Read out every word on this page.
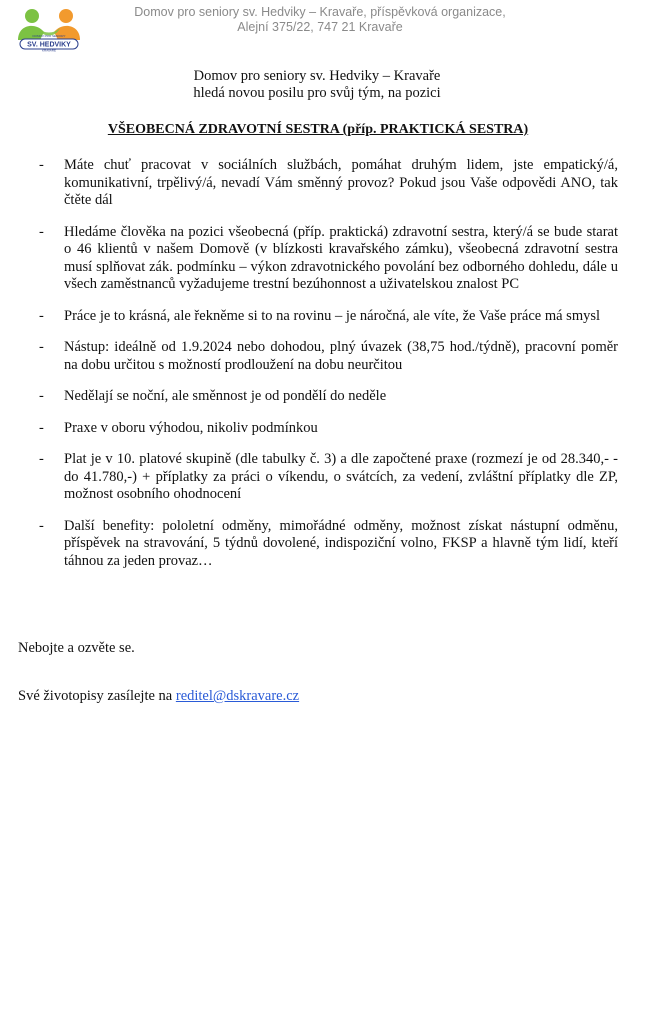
DOMOV PRO SENIORY
SV. HEDVIKY
KRAVAŘE
Domov pro seniory sv. Hedviky – Kravaře, příspěvková organizace,
Alejní 375/22, 747 21 Kravaře
Domov pro seniory sv. Hedviky – Kravaře
hledá novou posilu pro svůj tým, na pozici
VŠEOBECNÁ ZDRAVOTNÍ SESTRA (příp. PRAKTICKÁ SESTRA)
- Máte chuť pracovat v sociálních službách, pomáhat druhým lidem, jste empatický/á, komunikativní, trpělivý/á, nevadí Vám směnný provoz? Pokud jsou Vaše odpovědi ANO, tak čtěte dál
- Hledáme člověka na pozici všeobecná (příp. praktická) zdravotní sestra, který/á se bude starat o 46 klientů v našem Domově (v blízkosti kravařského zámku), všeobecná zdravotní sestra musí splňovat zák. podmínku – výkon zdravotnického povolání bez odborného dohledu, dále u všech zaměstnanců vyžadujeme trestní bezúhonnost a uživatelskou znalost PC
- Práce je to krásná, ale řekněme si to na rovinu – je náročná, ale víte, že Vaše práce má smysl
- Nástup: ideálně od 1.9.2024 nebo dohodou, plný úvazek (38,75 hod./týdně), pracovní poměr na dobu určitou s možností prodloužení na dobu neurčitou
- Nedělají se noční, ale směnnost je od pondělí do neděle
- Praxe v oboru výhodou, nikoliv podmínkou
- Plat je v 10. platové skupině (dle tabulky č. 3) a dle započtené praxe (rozmezí je od 28.340,- - do 41.780,-) + příplatky za práci o víkendu, o svátcích, za vedení, zvláštní příplatky dle ZP, možnost osobního ohodnocení
- Další benefity: pololetní odměny, mimořádné odměny, možnost získat nástupní odměnu, příspěvek na stravování, 5 týdnů dovolené, indispoziční volno, FKSP a hlavně tým lidí, kteří táhnou za jeden provaz…
Nebojte a ozvěte se.
Své životopisy zasílejte na reditel@dskravare.cz
